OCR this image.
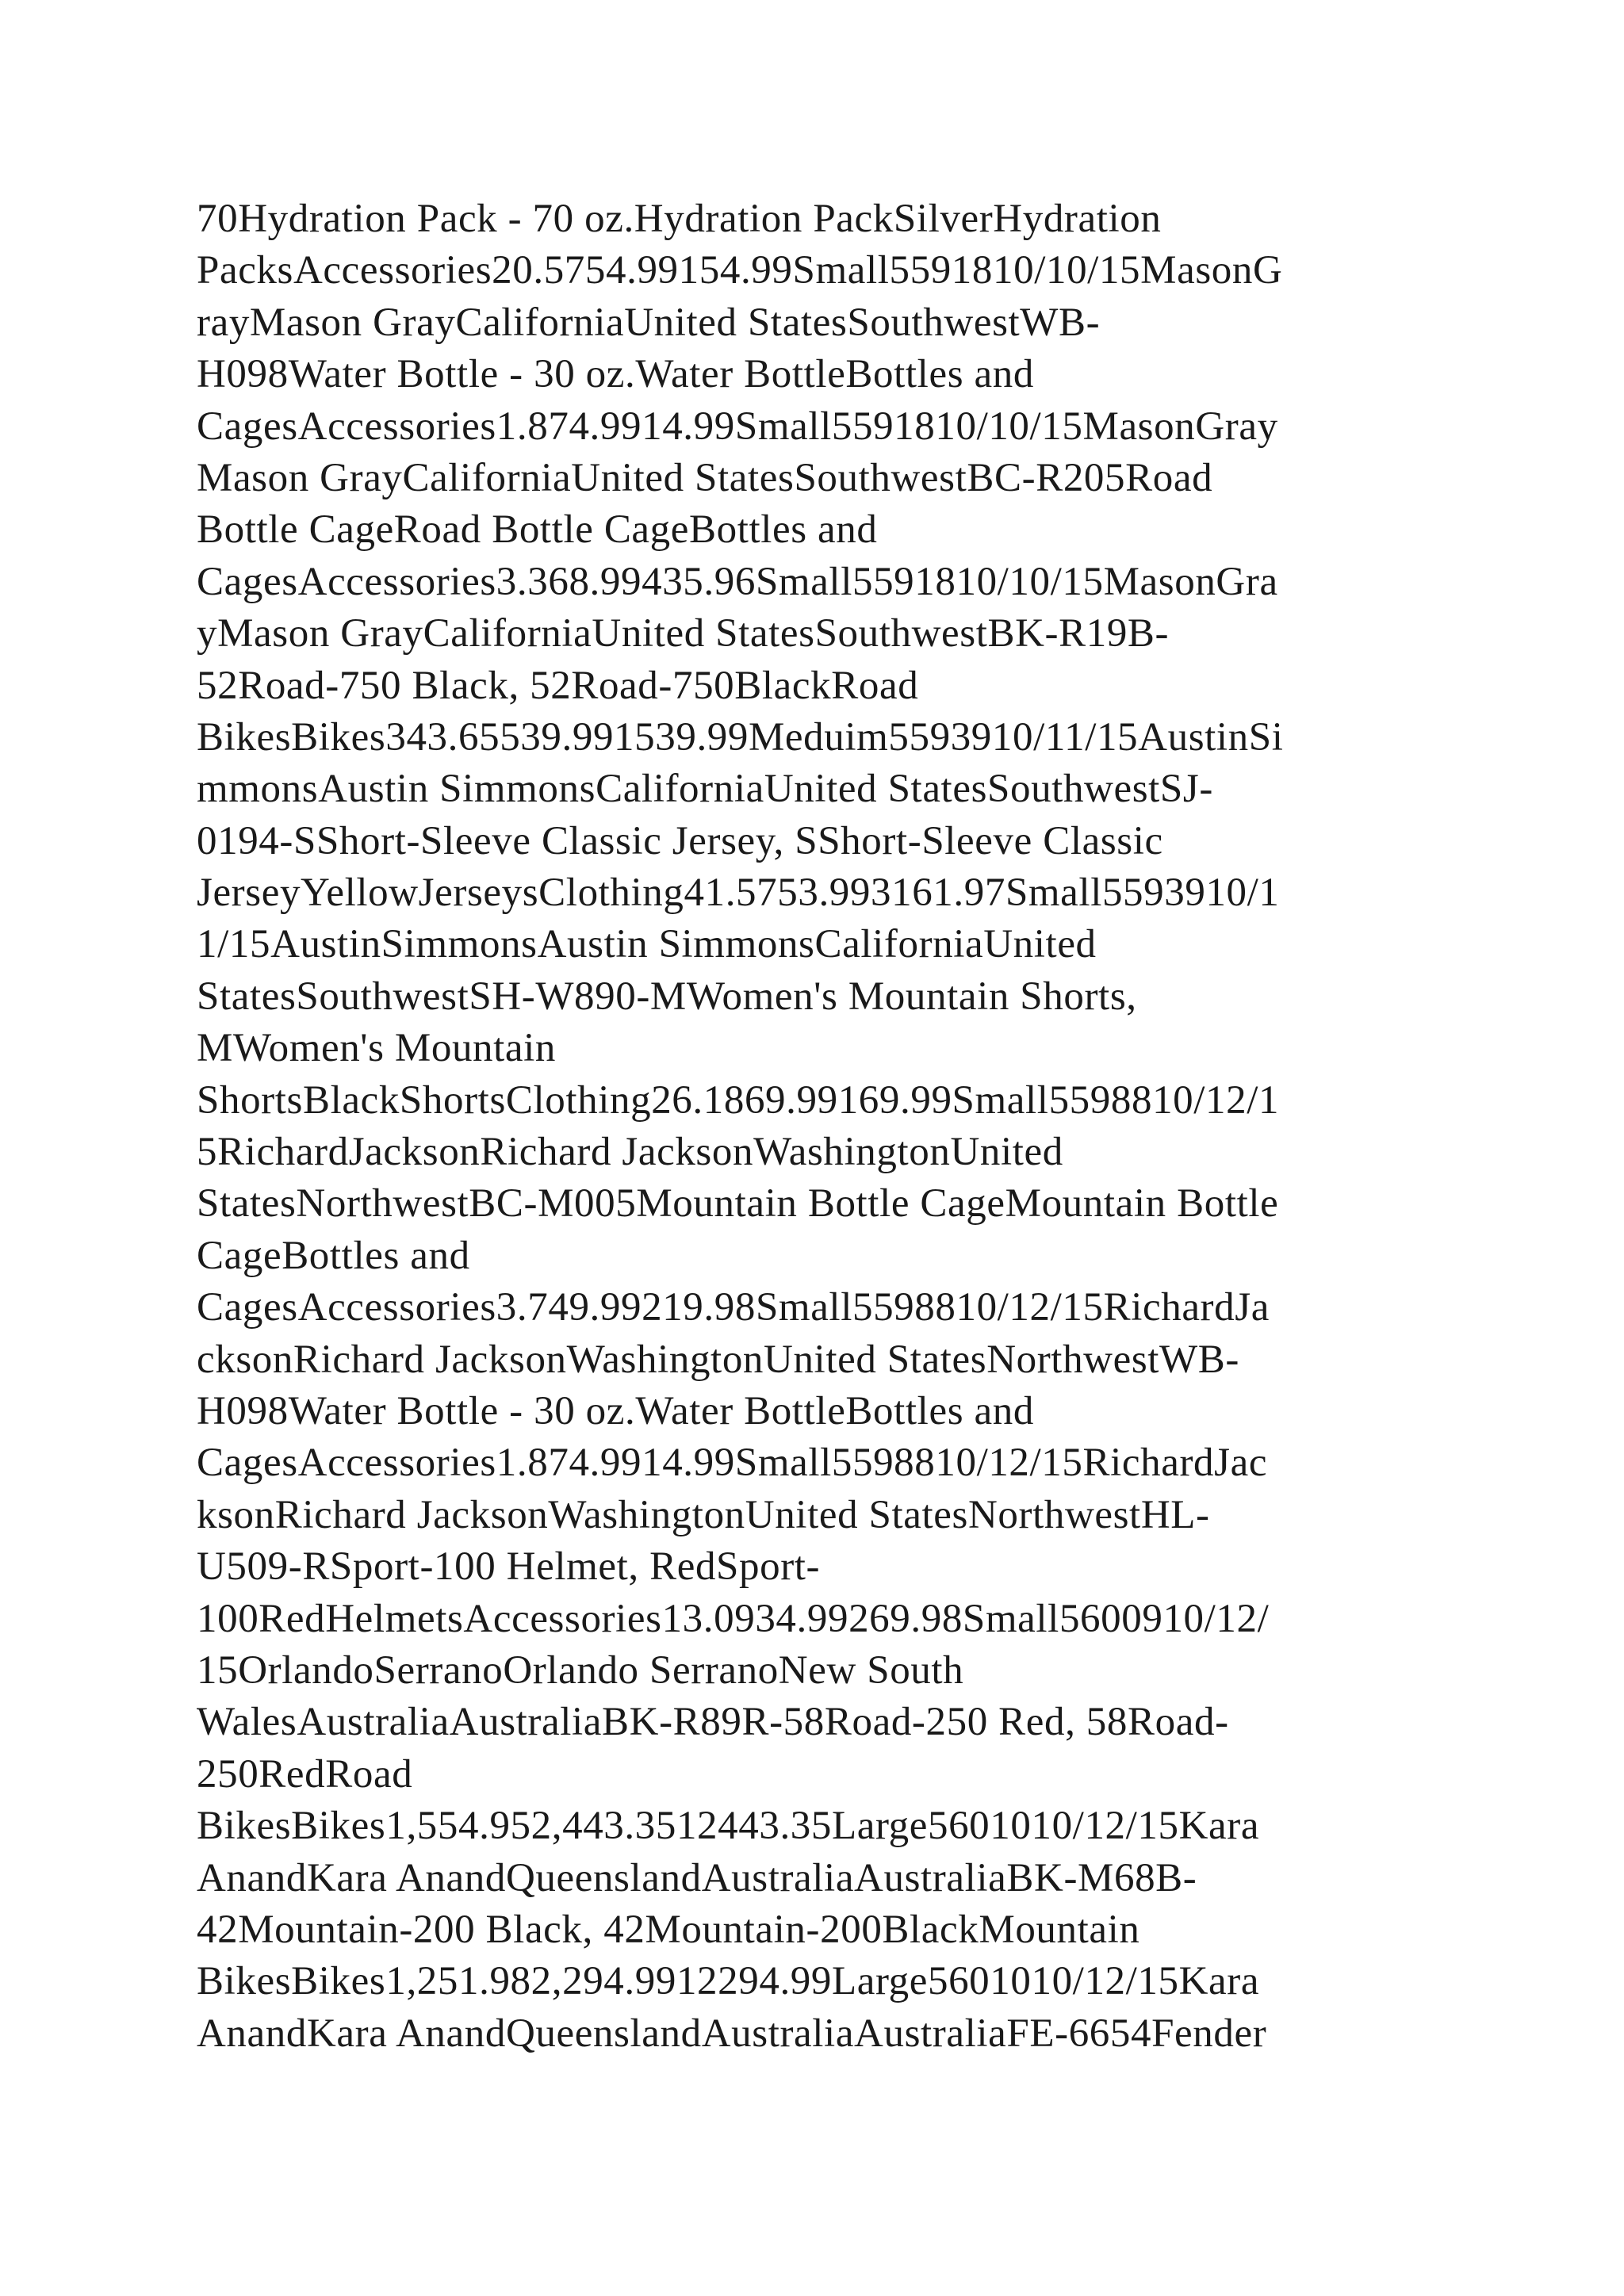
70Hydration Pack - 70 oz.Hydration PackSilverHydration
PacksAccessories20.5754.99154.99Small5591810/10/15MasonG
rayMason GrayCaliforniaUnited StatesSouthwestWB-
H098Water Bottle - 30 oz.Water BottleBottles and
CagesAccessories1.874.9914.99Small5591810/10/15MasonGray
Mason GrayCaliforniaUnited StatesSouthwestBC-R205Road
Bottle CageRoad Bottle CageBottles and
CagesAccessories3.368.99435.96Small5591810/10/15MasonGra
yMason GrayCaliforniaUnited StatesSouthwestBK-R19B-
52Road-750 Black, 52Road-750BlackRoad
BikesBikes343.65539.991539.99Meduim5593910/11/15AustinSi
mmonsAustin SimmonsCaliforniaUnited StatesSouthwestSJ-
0194-SShort-Sleeve Classic Jersey, SShort-Sleeve Classic
JerseyYellowJerseysClothing41.5753.993161.97Small5593910/1
1/15AustinSimmonsAustin SimmonsCaliforniaUnited
StatesSouthwestSH-W890-MWomen's Mountain Shorts,
MWomen's Mountain
ShortsBlackShortsClothing26.1869.99169.99Small5598810/12/1
5RichardJacksonRichard JacksonWashingtonUnited
StatesNorthwestBC-M005Mountain Bottle CageMountain Bottle
CageBottles and
CagesAccessories3.749.99219.98Small5598810/12/15RichardJa
cksonRichard JacksonWashingtonUnited StatesNorthwestWB-
H098Water Bottle - 30 oz.Water BottleBottles and
CagesAccessories1.874.9914.99Small5598810/12/15RichardJac
ksonRichard JacksonWashingtonUnited StatesNorthwestHL-
U509-RSport-100 Helmet, RedSport-
100RedHelmetsAccessories13.0934.99269.98Small5600910/12/
15OrlandoSerranoOrlando SerranoNew South
WalesAustraliaAustraliaBK-R89R-58Road-250 Red, 58Road-
250RedRoad
BikesBikes1,554.952,443.3512443.35Large5601010/12/15Kara
AnandKara AnandQueenslandAustraliaAustraliaBK-M68B-
42Mountain-200 Black, 42Mountain-200BlackMountain
BikesBikes1,251.982,294.9912294.99Large5601010/12/15Kara
AnandKara AnandQueenslandAustraliaAustraliaFE-6654Fender
